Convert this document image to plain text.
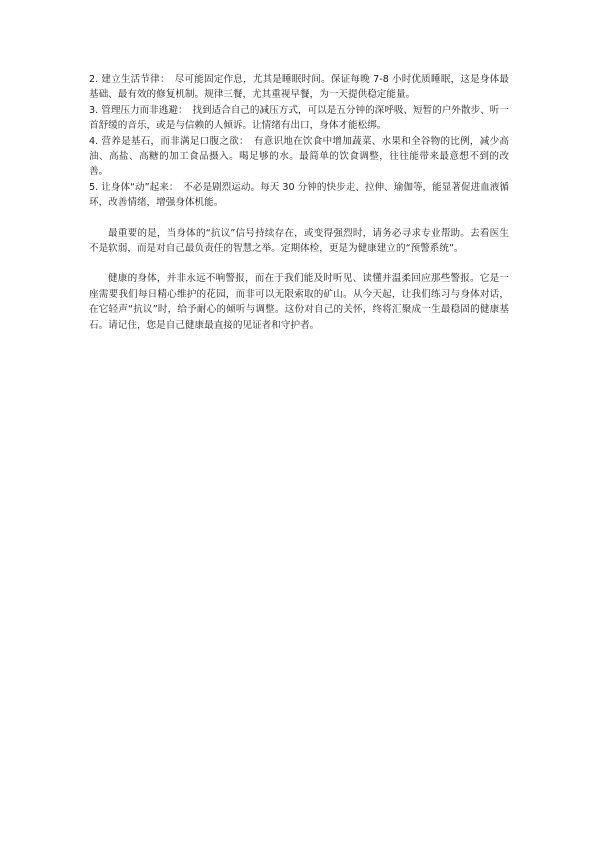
2. 建立生活节律：　尽可能固定作息，尤其是睡眠时间。保证每晚 7-8 小时优质睡眠，这是身体最基础、最有效的修复机制。规律三餐，尤其重视早餐，为一天提供稳定能量。

3. 管理压力而非逃避：　找到适合自己的减压方式，可以是五分钟的深呼吸、短暂的户外散步、听一首舒缓的音乐，或是与信赖的人倾诉。让情绪有出口，身体才能松绑。

4. 营养是基石，而非满足口腹之欲：　有意识地在饮食中增加蔬菜、水果和全谷物的比例，减少高油、高盐、高糖的加工食品摄入。喝足够的水。最简单的饮食调整，往往能带来最意想不到的改善。

5. 让身体“动”起来：　不必是剧烈运动。每天 30 分钟的快步走、拉伸、瑜伽等，能显著促进血液循环，改善情绪，增强身体机能。

最重要的是，当身体的“抗议”信号持续存在，或变得强烈时，请务必寻求专业帮助。去看医生不是软弱，而是对自己最负责任的智慧之举。定期体检，更是为健康建立的“预警系统”。

健康的身体，并非永远不响警报，而在于我们能及时听见、读懂并温柔回应那些警报。它是一座需要我们每日精心维护的花园，而非可以无限索取的矿山。从今天起，让我们练习与身体对话，在它轻声“抗议”时，给予耐心的倾听与调整。这份对自己的关怀，终将汇聚成一生最稳固的健康基石。请记住，您是自己健康最直接的见证者和守护者。
